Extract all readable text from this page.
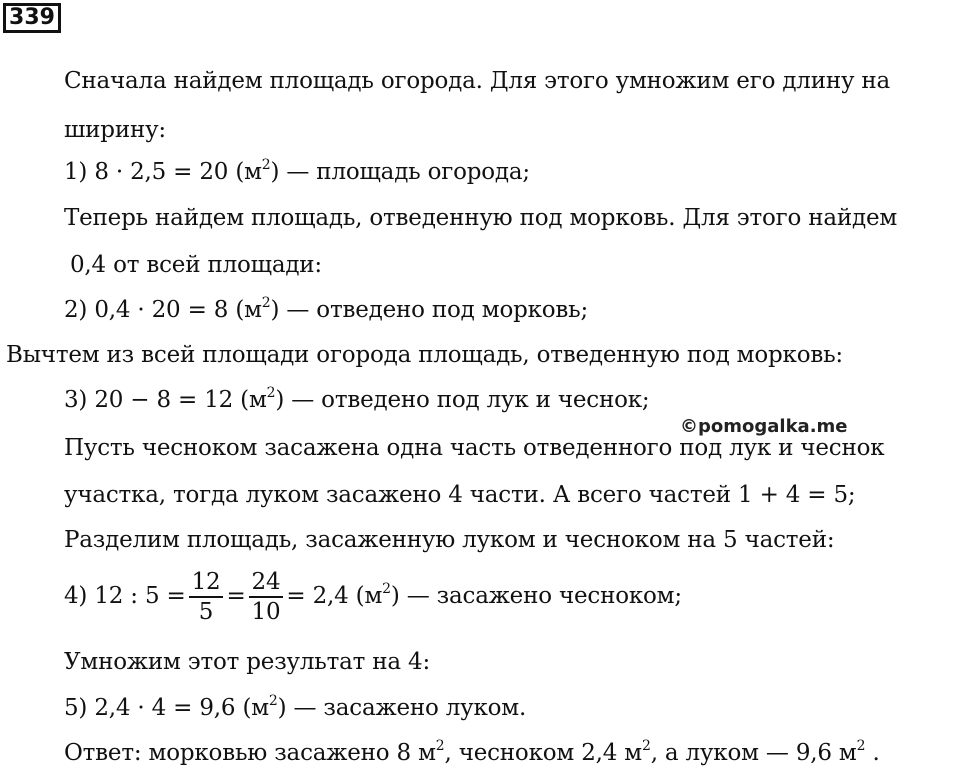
339
Сначала найдем площадь огорода. Для этого умножим его длину на
ширину:
1) 8 · 2,5 = 20 $(м^2)$ — площадь огорода;
Теперь найдем площадь, отведенную под морковь. Для этого найдем
0,4 от всей площади:
2) 0,4 · 20 = 8 $(м^2)$ — отведено под морковь;
Вычтем из всей площади огорода площадь, отведенную под морковь:
3) 20 − 8 = 12 $(м^2)$ — отведено под лук и чеснок;
©pomogalka.me
Пусть чесноком засажена одна часть отведенного под лук и чеснок
участка, тогда луком засажено 4 части. А всего частей 1 + 4 = 5;
Разделим площадь, засаженную луком и чесноком на 5 частей:
4) 12 : $5 = \frac{12}{5} = \frac{24}{10} = 2,4$ $(м^2)$ — засажено чесноком;
Умножим этот результат на 4:
5) 2,4 · 4 = 9,6 $(м^2)$ — засажено луком.
Ответ: морковью засажено 8 $м^2$, чесноком 2,4 $м^2$, а луком — 9,6 $м^2$ .
